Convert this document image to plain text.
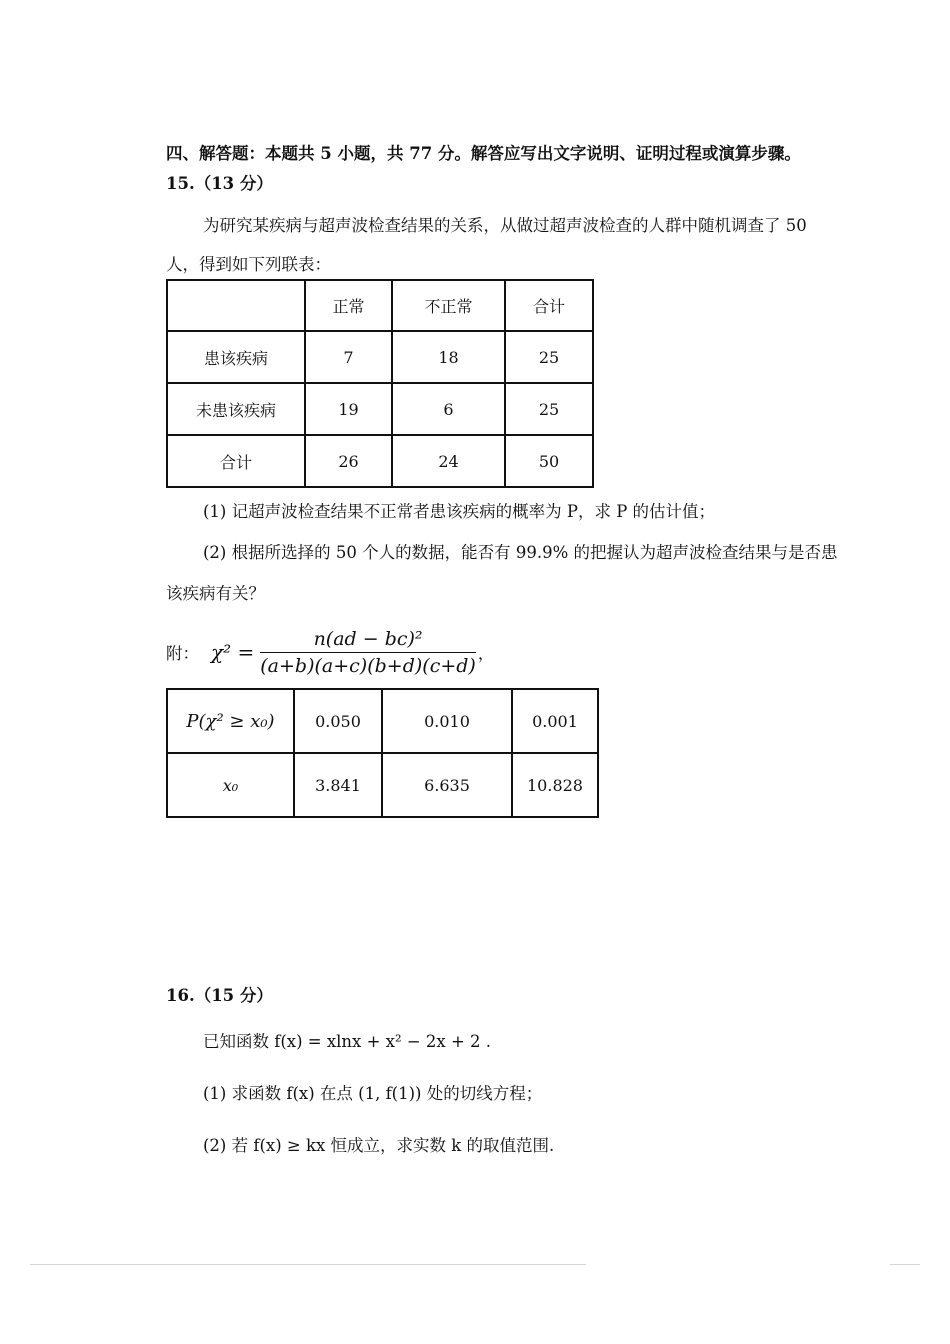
四、解答题：本题共 5 小题，共 77 分。解答应写出文字说明、证明过程或演算步骤。
15.（13 分）
为研究某疾病与超声波检查结果的关系，从做过超声波检查的人群中随机调查了 50
人，得到如下列联表：
	正常	不正常	合计
患该疾病	7	18	25
未患该疾病	19	6	25
合计	26	24	50
(1) 记超声波检查结果不正常者患该疾病的概率为 P，求 P 的估计值；
(2) 根据所选择的 50 个人的数据，能否有 99.9% 的把握认为超声波检查结果与是否患
该疾病有关？
附： $\chi^2 = \frac{\text{n(ad − bc)²}}{(a+b)(a+c)(b+d)(c+d)}$ ，
P(χ² ≥ x₀)	0.050	0.010	0.001
x₀	3.841	6.635	10.828
16.（15 分）
已知函数 f(x) = xlnx + x² − 2x + 2 .
(1) 求函数 f(x) 在点 (1, f(1)) 处的切线方程；
(2) 若 f(x) ≥ kx 恒成立，求实数 k 的取值范围.
